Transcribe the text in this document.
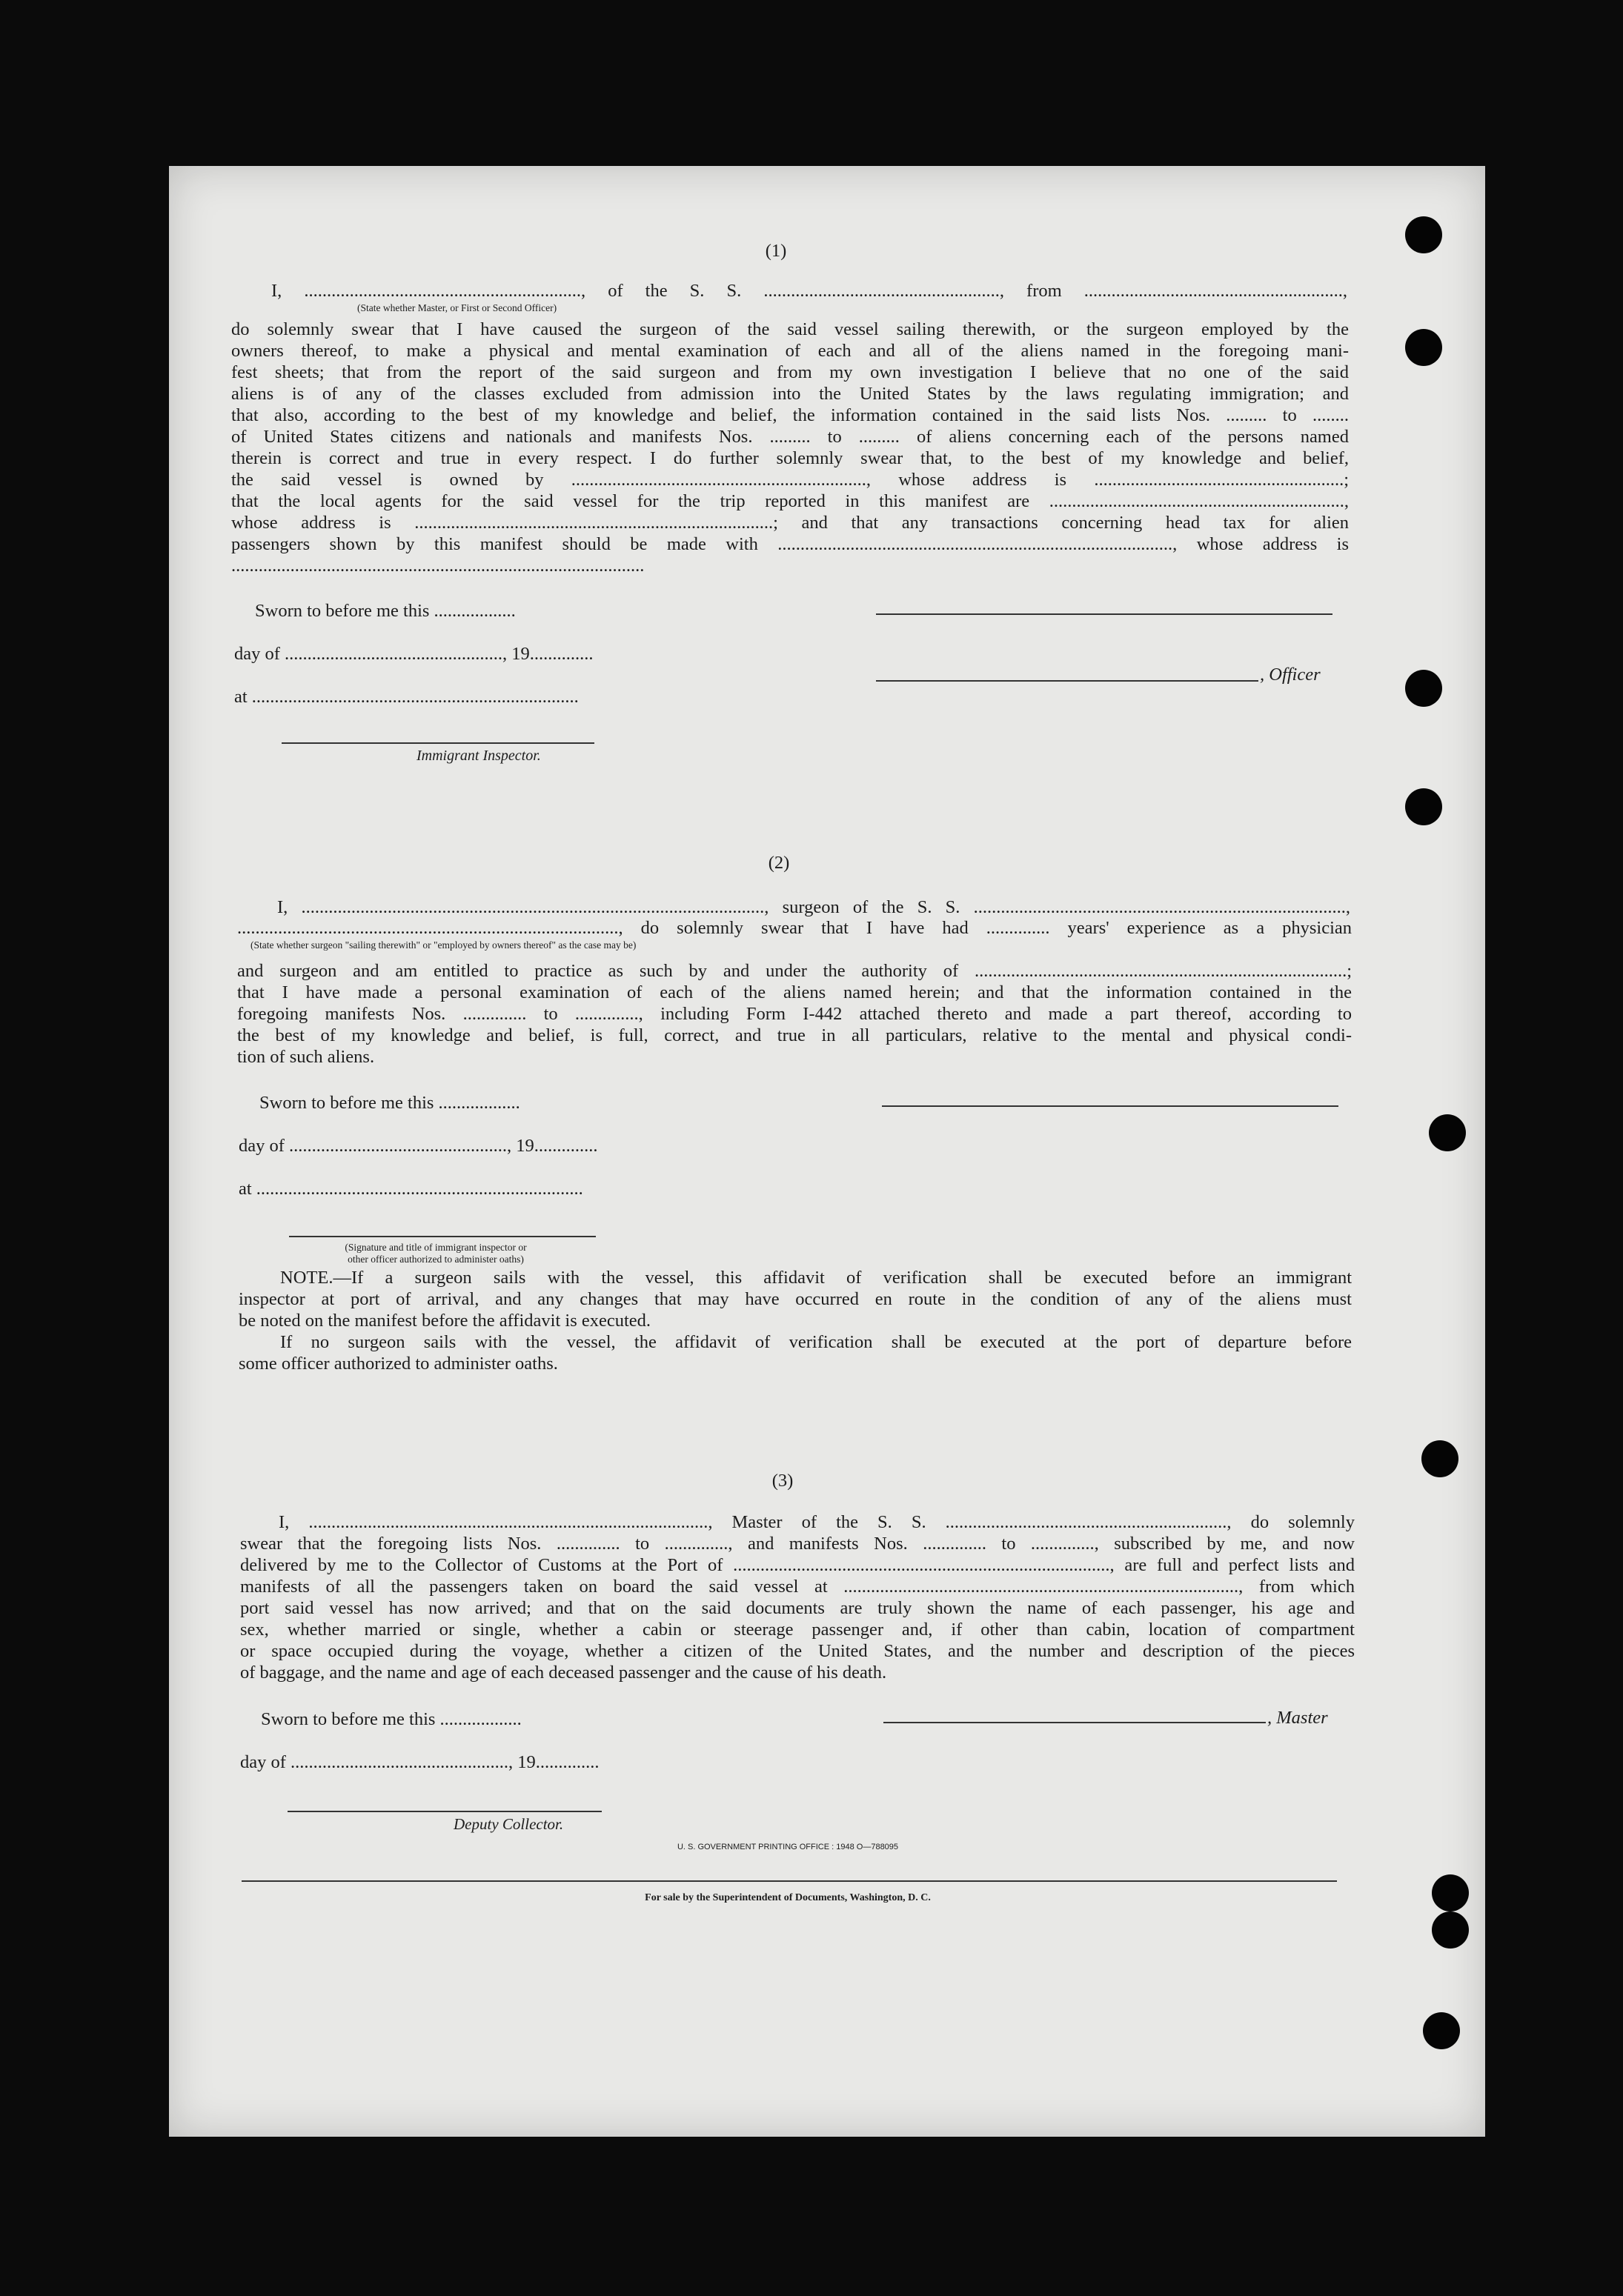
(1)
I, ............................................................., of the S. S. ...................................................., from .........................................................,
(State whether Master, or First or Second Officer)
do solemnly swear that I have caused the surgeon of the said vessel sailing therewith, or the surgeon employed by the
owners thereof, to make a physical and mental examination of each and all of the aliens named in the foregoing mani-
fest sheets; that from the report of the said surgeon and from my own investigation I believe that no one of the said
aliens is of any of the classes excluded from admission into the United States by the laws regulating immigration; and
that also, according to the best of my knowledge and belief, the information contained in the said lists Nos. ......... to ........
of United States citizens and nationals and manifests Nos. ......... to ......... of aliens concerning each of the persons named
therein is correct and true in every respect. I do further solemnly swear that, to the best of my knowledge and belief,
the said vessel is owned by ................................................................., whose address is .......................................................;
that the local agents for the said vessel for the trip reported in this manifest are .................................................................,
whose address is ...............................................................................; and that any transactions concerning head tax for alien
passengers shown by this manifest should be made with ......................................................................................., whose address is
...........................................................................................
Sworn to before me this ..................
day of ................................................, 19..............
at ........................................................................
Immigrant Inspector.
, Officer
(2)
I, ......................................................................................................, surgeon of the S. S. ..................................................................................,
...................................................................................., do solemnly swear that I have had .............. years' experience as a physician
(State whether surgeon "sailing therewith" or "employed by owners thereof" as the case may be)
and surgeon and am entitled to practice as such by and under the authority of ..................................................................................;
that I have made a personal examination of each of the aliens named herein; and that the information contained in the
foregoing manifests Nos. .............. to .............., including Form I-442 attached thereto and made a part thereof, according to
the best of my knowledge and belief, is full, correct, and true in all particulars, relative to the mental and physical condi-
tion of such aliens.
Sworn to before me this ..................
day of ................................................, 19..............
at ........................................................................
(Signature and title of immigrant inspector or
other officer authorized to administer oaths)
NOTE.—If a surgeon sails with the vessel, this affidavit of verification shall be executed before an immigrant
inspector at port of arrival, and any changes that may have occurred en route in the condition of any of the aliens must
be noted on the manifest before the affidavit is executed.
If no surgeon sails with the vessel, the affidavit of verification shall be executed at the port of departure before
some officer authorized to administer oaths.
(3)
I, ........................................................................................, Master of the S. S. .............................................................., do solemnly
swear that the foregoing lists Nos. .............. to .............., and manifests Nos. .............. to .............., subscribed by me, and now
delivered by me to the Collector of Customs at the Port of ..................................................................................., are full and perfect lists and
manifests of all the passengers taken on board the said vessel at ......................................................................................., from which
port said vessel has now arrived; and that on the said documents are truly shown the name of each passenger, his age and
sex, whether married or single, whether a cabin or steerage passenger and, if other than cabin, location of compartment
or space occupied during the voyage, whether a citizen of the United States, and the number and description of the pieces
of baggage, and the name and age of each deceased passenger and the cause of his death.
Sworn to before me this ..................
day of ................................................, 19..............
Deputy Collector.
, Master
U. S. GOVERNMENT PRINTING OFFICE : 1948 O—788095
For sale by the Superintendent of Documents, Washington, D. C.
